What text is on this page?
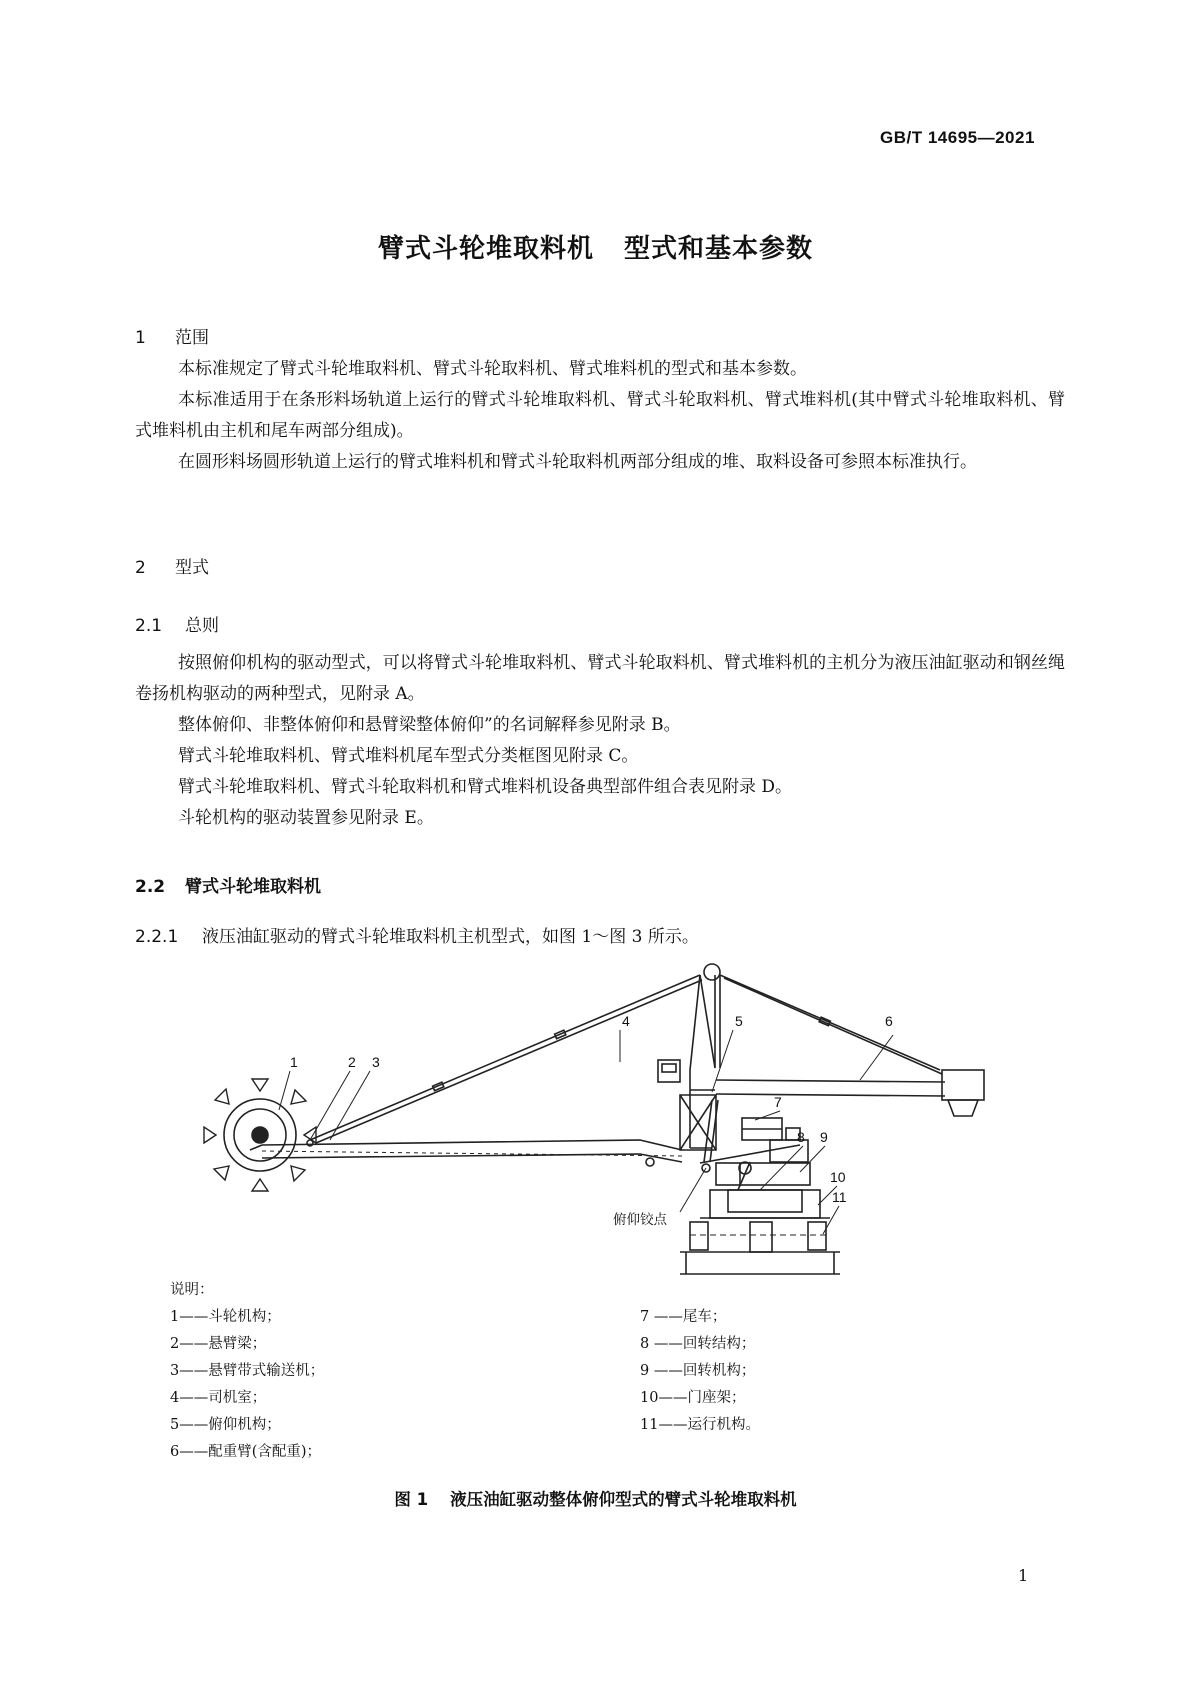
GB/T 14695—2021
臂式斗轮堆取料机 型式和基本参数
1 范围

本标准规定了臂式斗轮堆取料机、臂式斗轮取料机、臂式堆料机的型式和基本参数。

本标准适用于在条形料场轨道上运行的臂式斗轮堆取料机、臂式斗轮取料机、臂式堆料机(其中臂式斗轮堆取料机、臂式堆料机由主机和尾车两部分组成)。

在圆形料场圆形轨道上运行的臂式堆料机和臂式斗轮取料机两部分组成的堆、取料设备可参照本标准执行。

2 型式
2.1 总则

按照俯仰机构的驱动型式，可以将臂式斗轮堆取料机、臂式斗轮取料机、臂式堆料机的主机分为液压油缸驱动和钢丝绳卷扬机构驱动的两种型式，见附录 A。

整体俯仰、非整体俯仰和悬臂梁整体俯仰”的名词解释参见附录 B。

臂式斗轮堆取料机、臂式堆料机尾车型式分类框图见附录 C。

臂式斗轮堆取料机、臂式斗轮取料机和臂式堆料机设备典型部件组合表见附录 D。

斗轮机构的驱动装置参见附录 E。

2.2 臂式斗轮堆取料机
2.2.1 液压油缸驱动的臂式斗轮堆取料机主机型式，如图 1～图 3 所示。
1	2 3
4	5	6
7
8 9
10
11
俯仰铰点
说明：
1——斗轮机构；
2——悬臂梁；
3——悬臂带式输送机；
4——司机室；
5——俯仰机构；
6——配重臂(含配重)；
7 ——尾车；
8 ——回转结构；
9 ——回转机构；
10——门座架；
11——运行机构。
图 1 液压油缸驱动整体俯仰型式的臂式斗轮堆取料机
1
